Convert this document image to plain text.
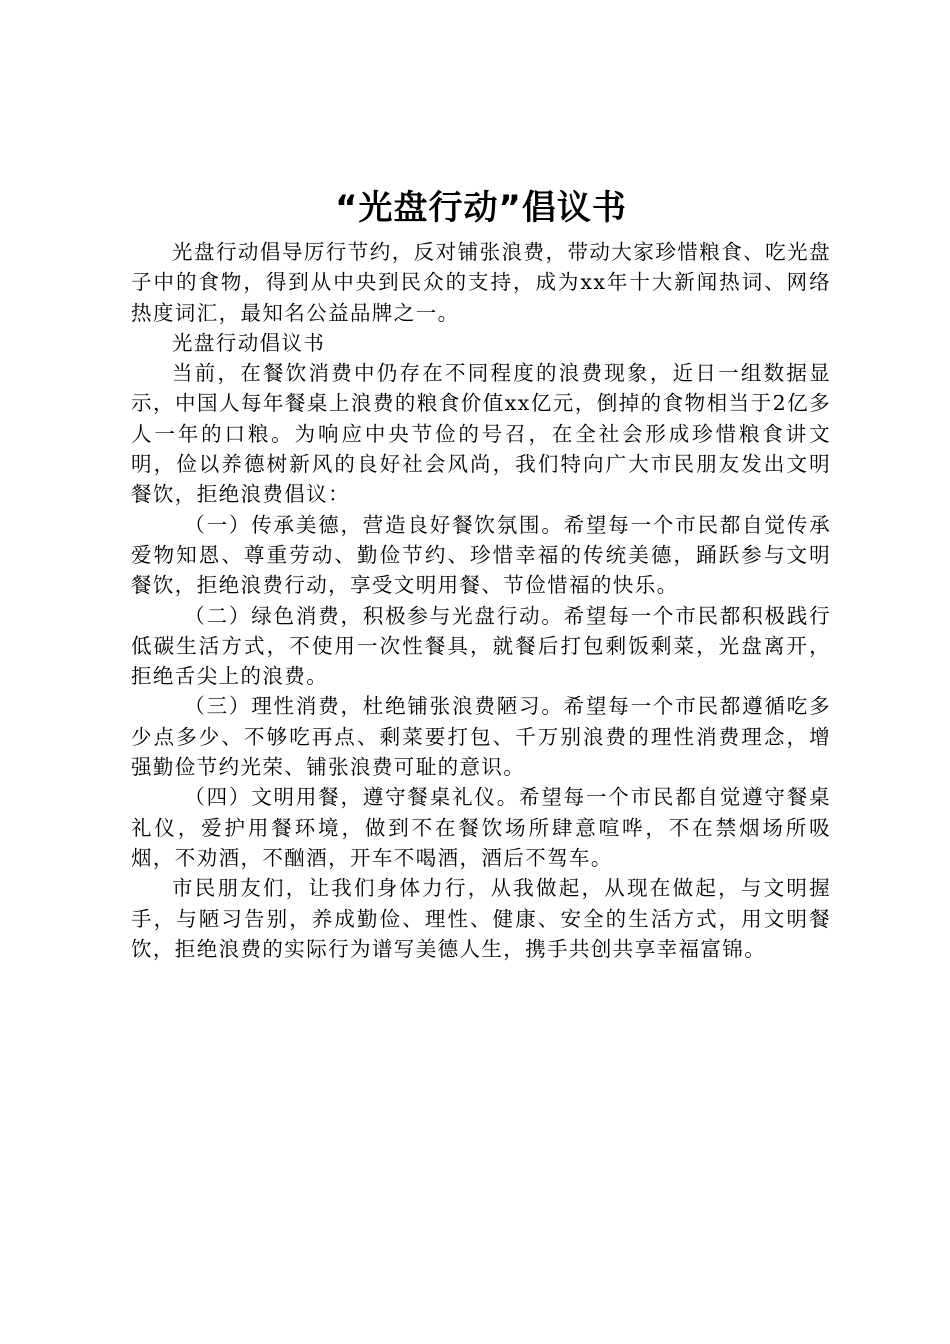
“光盘行动”倡议书

光盘行动倡导厉行节约，反对铺张浪费，带动大家珍惜粮食、吃光盘子中的食物，得到从中央到民众的支持，成为xx年十大新闻热词、网络热度词汇，最知名公益品牌之一。

光盘行动倡议书

当前，在餐饮消费中仍存在不同程度的浪费现象，近日一组数据显示，中国人每年餐桌上浪费的粮食价值xx亿元，倒掉的食物相当于2亿多人一年的口粮。为响应中央节俭的号召，在全社会形成珍惜粮食讲文明，俭以养德树新风的良好社会风尚，我们特向广大市民朋友发出文明餐饮，拒绝浪费倡议：

（一）传承美德，营造良好餐饮氛围。希望每一个市民都自觉传承爱物知恩、尊重劳动、勤俭节约、珍惜幸福的传统美德，踊跃参与文明餐饮，拒绝浪费行动，享受文明用餐、节俭惜福的快乐。

（二）绿色消费，积极参与光盘行动。希望每一个市民都积极践行低碳生活方式，不使用一次性餐具，就餐后打包剩饭剩菜，光盘离开，拒绝舌尖上的浪费。

（三）理性消费，杜绝铺张浪费陋习。希望每一个市民都遵循吃多少点多少、不够吃再点、剩菜要打包、千万别浪费的理性消费理念，增强勤俭节约光荣、铺张浪费可耻的意识。

（四）文明用餐，遵守餐桌礼仪。希望每一个市民都自觉遵守餐桌礼仪，爱护用餐环境，做到不在餐饮场所肆意喧哗，不在禁烟场所吸烟，不劝酒，不酗酒，开车不喝酒，酒后不驾车。

市民朋友们，让我们身体力行，从我做起，从现在做起，与文明握手，与陋习告别，养成勤俭、理性、健康、安全的生活方式，用文明餐饮，拒绝浪费的实际行为谱写美德人生，携手共创共享幸福富锦。
